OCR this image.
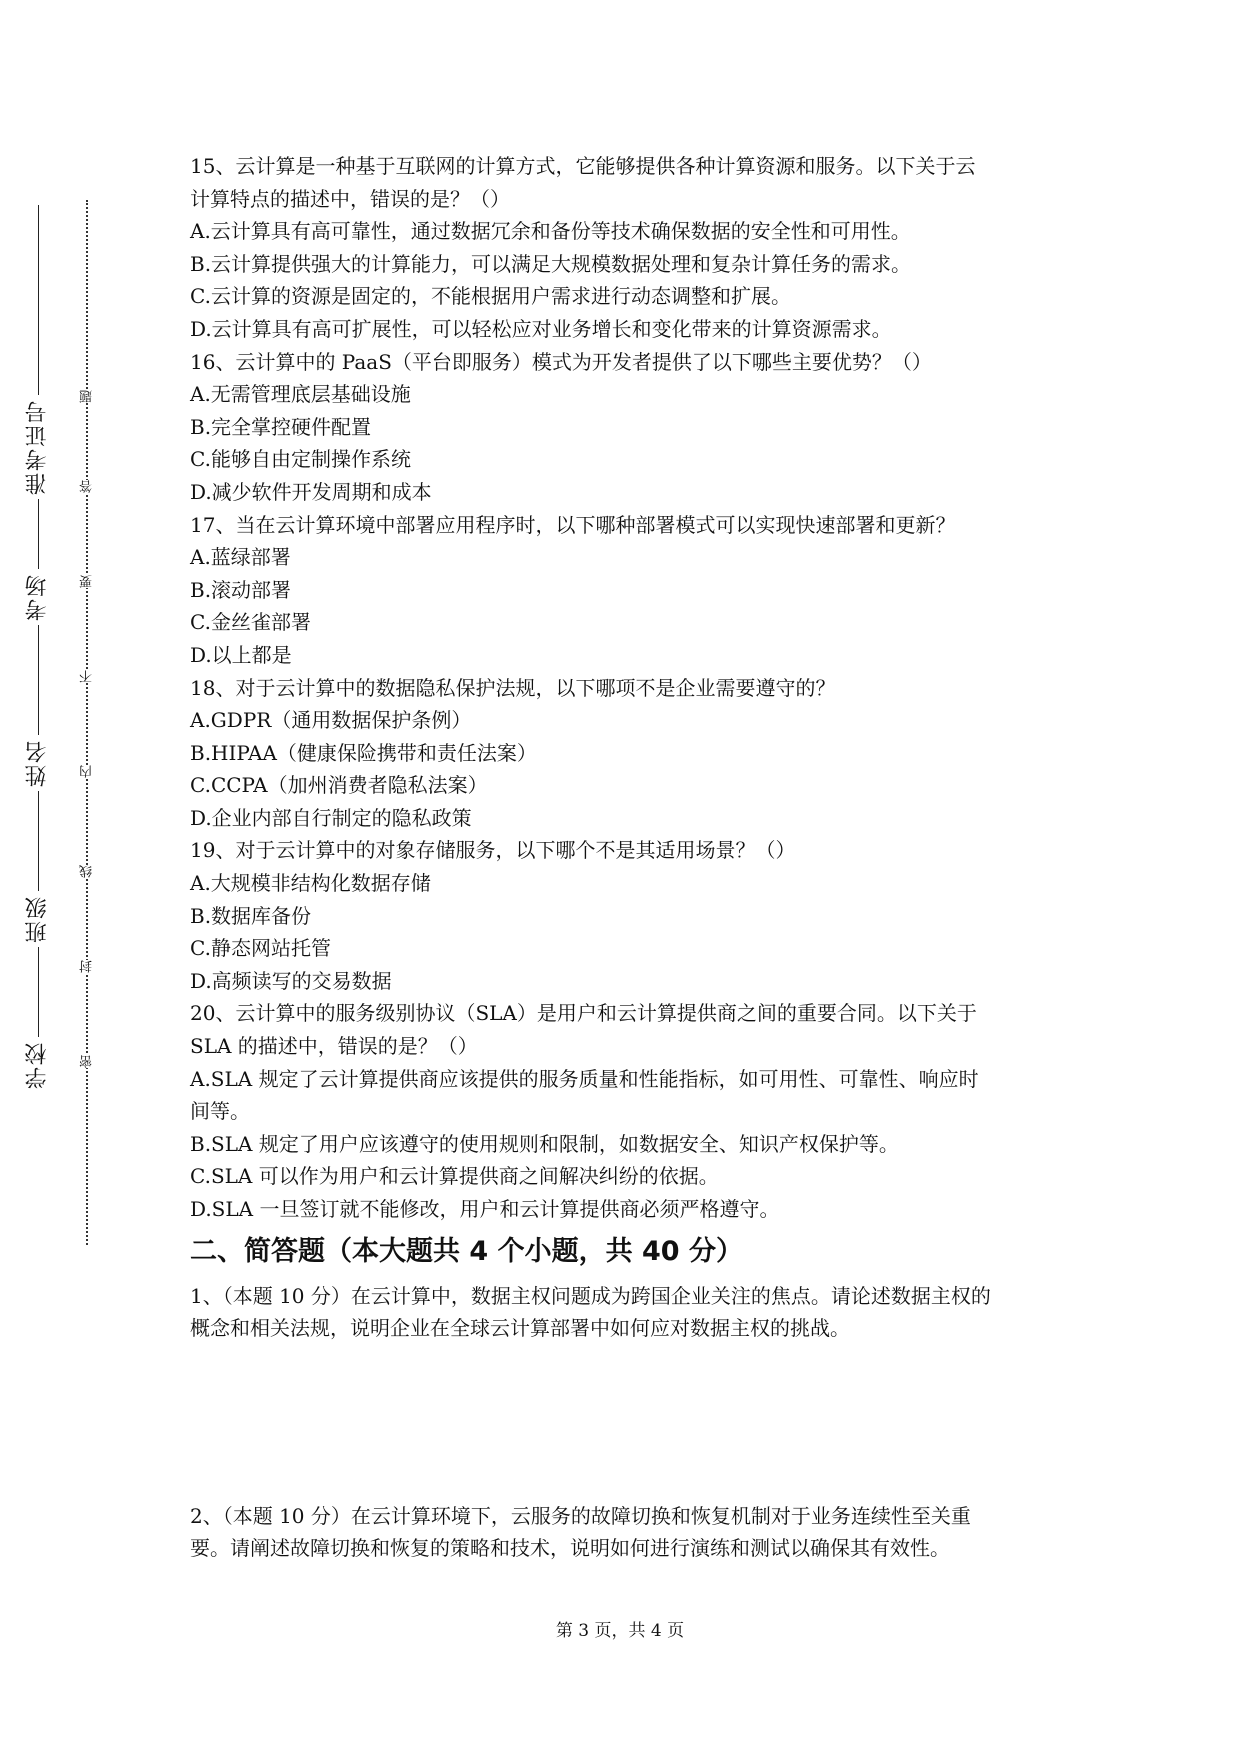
准考证号
考场
姓名
班级
学校
题
答
要
不
内
线
封
密

15、云计算是一种基于互联网的计算方式，它能够提供各种计算资源和服务。以下关于云

计算特点的描述中，错误的是？（）

A.云计算具有高可靠性，通过数据冗余和备份等技术确保数据的安全性和可用性。

B.云计算提供强大的计算能力，可以满足大规模数据处理和复杂计算任务的需求。

C.云计算的资源是固定的，不能根据用户需求进行动态调整和扩展。

D.云计算具有高可扩展性，可以轻松应对业务增长和变化带来的计算资源需求。

16、云计算中的 PaaS（平台即服务）模式为开发者提供了以下哪些主要优势？（）

A.无需管理底层基础设施

B.完全掌控硬件配置

C.能够自由定制操作系统

D.减少软件开发周期和成本

17、当在云计算环境中部署应用程序时，以下哪种部署模式可以实现快速部署和更新？

A.蓝绿部署

B.滚动部署

C.金丝雀部署

D.以上都是

18、对于云计算中的数据隐私保护法规，以下哪项不是企业需要遵守的？

A.GDPR（通用数据保护条例）

B.HIPAA（健康保险携带和责任法案）

C.CCPA（加州消费者隐私法案）

D.企业内部自行制定的隐私政策

19、对于云计算中的对象存储服务，以下哪个不是其适用场景？（）

A.大规模非结构化数据存储

B.数据库备份

C.静态网站托管

D.高频读写的交易数据

20、云计算中的服务级别协议（SLA）是用户和云计算提供商之间的重要合同。以下关于

SLA 的描述中，错误的是？（）

A.SLA 规定了云计算提供商应该提供的服务质量和性能指标，如可用性、可靠性、响应时

间等。

B.SLA 规定了用户应该遵守的使用规则和限制，如数据安全、知识产权保护等。

C.SLA 可以作为用户和云计算提供商之间解决纠纷的依据。

D.SLA 一旦签订就不能修改，用户和云计算提供商必须严格遵守。

二、简答题（本大题共 4 个小题，共 40 分）

1、（本题 10 分）在云计算中，数据主权问题成为跨国企业关注的焦点。请论述数据主权的

概念和相关法规，说明企业在全球云计算部署中如何应对数据主权的挑战。

2、（本题 10 分）在云计算环境下，云服务的故障切换和恢复机制对于业务连续性至关重

要。请阐述故障切换和恢复的策略和技术，说明如何进行演练和测试以确保其有效性。

第 3 页，共 4 页
